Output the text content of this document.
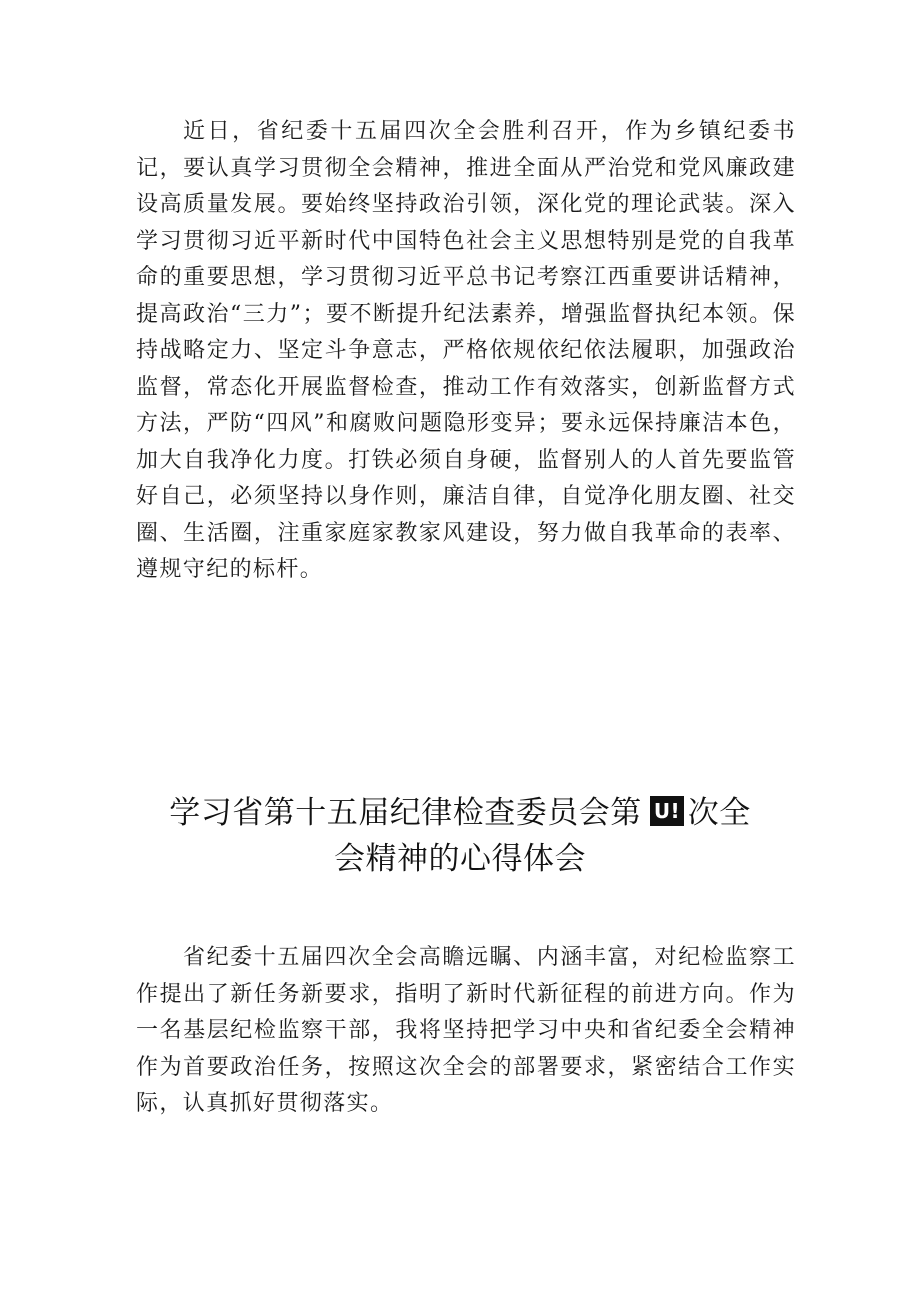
近日，省纪委十五届四次全会胜利召开，作为乡镇纪委书记，要认真学习贯彻全会精神，推进全面从严治党和党风廉政建设高质量发展。要始终坚持政治引领，深化党的理论武装。深入学习贯彻习近平新时代中国特色社会主义思想特别是党的自我革命的重要思想，学习贯彻习近平总书记考察江西重要讲话精神，提高政治“三力”；要不断提升纪法素养，增强监督执纪本领。保持战略定力、坚定斗争意志，严格依规依纪依法履职，加强政治监督，常态化开展监督检查，推动工作有效落实，创新监督方式方法，严防“四风”和腐败问题隐形变异；要永远保持廉洁本色，加大自我净化力度。打铁必须自身硬，监督别人的人首先要监管好自己，必须坚持以身作则，廉洁自律，自觉净化朋友圈、社交圈、生活圈，注重家庭家教家风建设，努力做自我革命的表率、遵规守纪的标杆。

学习省第十五届纪律检查委员会第 U! 次全
会精神的心得体会

省纪委十五届四次全会高瞻远瞩、内涵丰富，对纪检监察工作提出了新任务新要求，指明了新时代新征程的前进方向。作为一名基层纪检监察干部，我将坚持把学习中央和省纪委全会精神作为首要政治任务，按照这次全会的部署要求，紧密结合工作实际，认真抓好贯彻落实。
